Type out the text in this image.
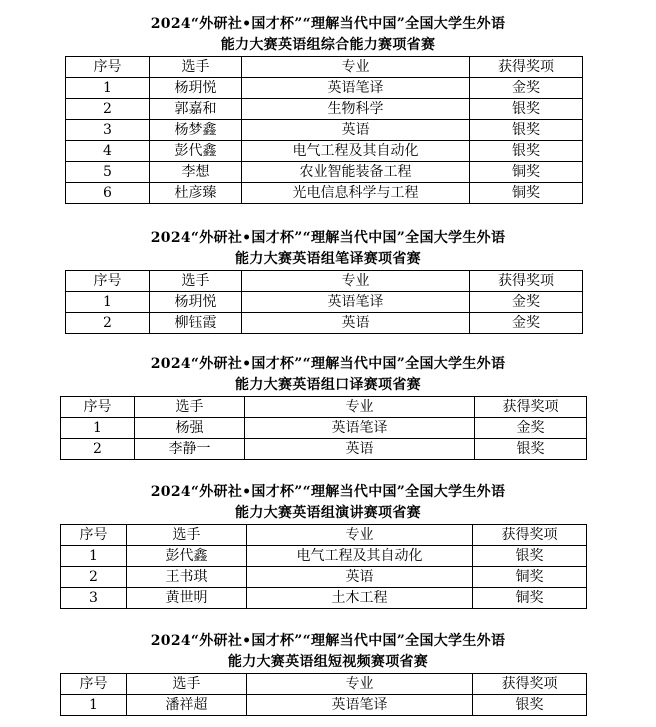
2024“外研社•国才杯”“理解当代中国”全国大学生外语

能力大赛英语组综合能力赛项省赛

序号	选手	专业	获得奖项
1	杨玥悦	英语笔译	金奖
2	郭嘉和	生物科学	银奖
3	杨梦鑫	英语	银奖
4	彭代鑫	电气工程及其自动化	银奖
5	李想	农业智能装备工程	铜奖
6	杜彦臻	光电信息科学与工程	铜奖

2024“外研社•国才杯”“理解当代中国”全国大学生外语

能力大赛英语组笔译赛项省赛

序号	选手	专业	获得奖项
1	杨玥悦	英语笔译	金奖
2	柳钰霞	英语	金奖

2024“外研社•国才杯”“理解当代中国”全国大学生外语

能力大赛英语组口译赛项省赛

序号	选手	专业	获得奖项
1	杨强	英语笔译	金奖
2	李静一	英语	银奖

2024“外研社•国才杯”“理解当代中国”全国大学生外语

能力大赛英语组演讲赛项省赛

序号	选手	专业	获得奖项
1	彭代鑫	电气工程及其自动化	银奖
2	王书琪	英语	铜奖
3	黄世明	土木工程	铜奖

2024“外研社•国才杯”“理解当代中国”全国大学生外语

能力大赛英语组短视频赛项省赛

序号	选手	专业	获得奖项
1	潘祥超	英语笔译	银奖
